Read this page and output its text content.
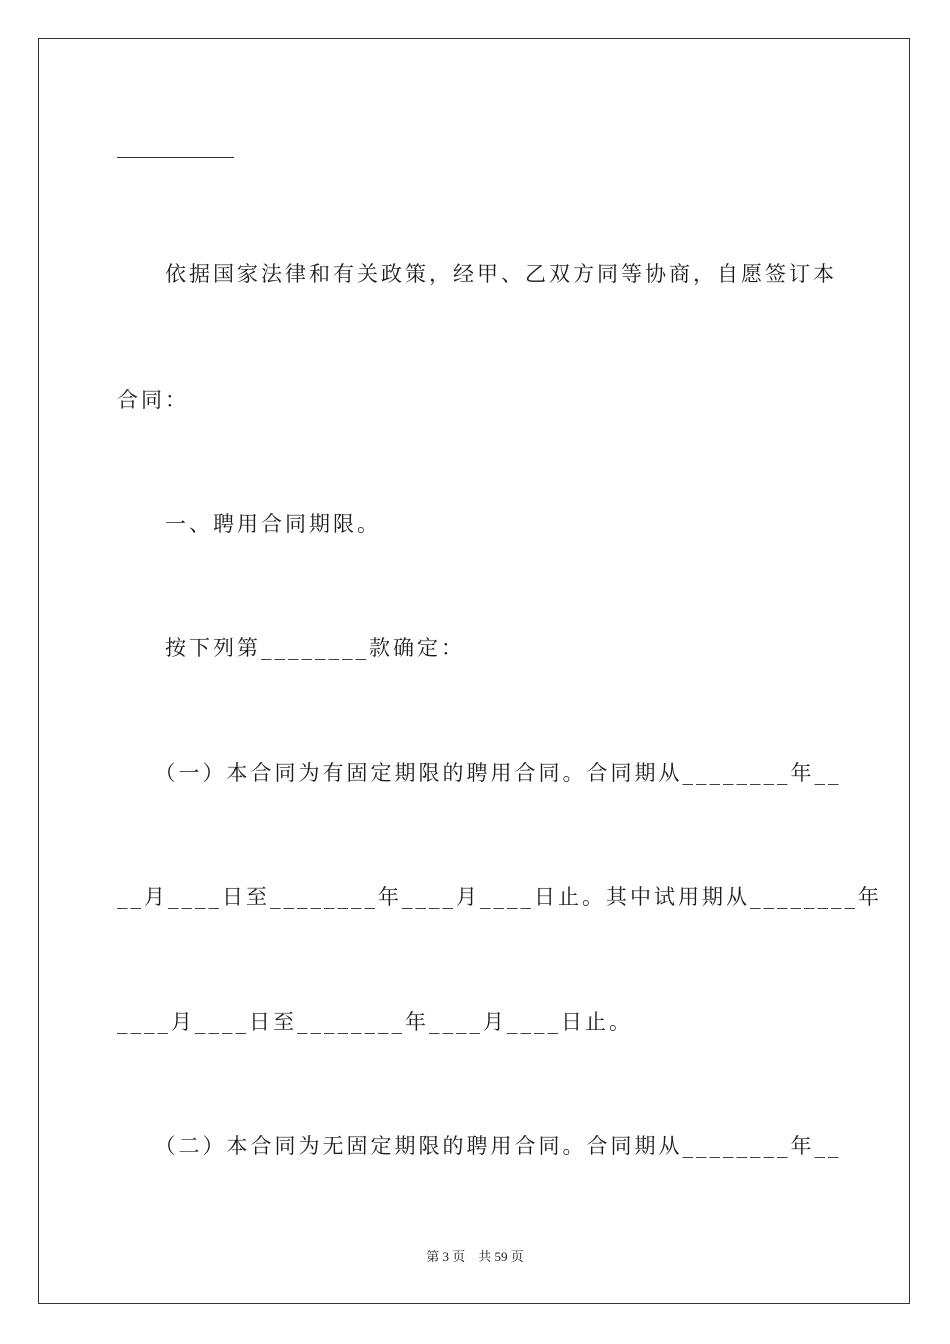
　　依据国家法律和有关政策，经甲、乙双方同等协商，自愿签订本
合同：
　　一、聘用合同期限。
　　按下列第________款确定：
　　（一）本合同为有固定期限的聘用合同。合同期从________年__
__月____日至________年____月____日止。其中试用期从________年
____月____日至________年____月____日止。
　　（二）本合同为无固定期限的聘用合同。合同期从________年__
第 3 页　共 59 页
